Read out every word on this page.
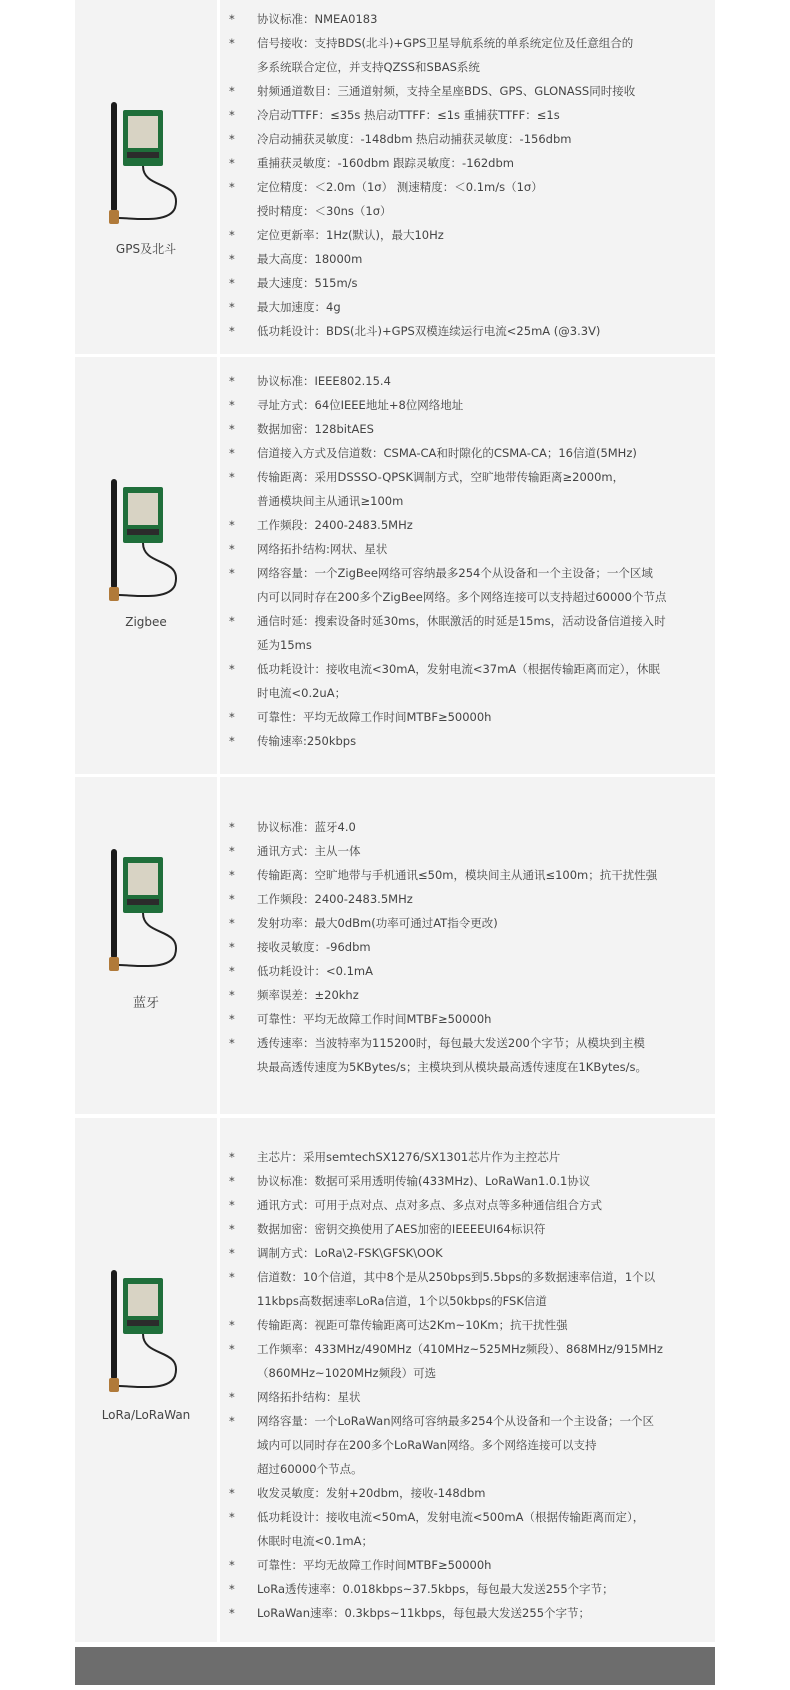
GPS及北斗
* 协议标准：NMEA0183
* 信号接收：支持BDS(北斗)+GPS卫星导航系统的单系统定位及任意组合的
多系统联合定位，并支持QZSS和SBAS系统
* 射频通道数目：三通道射频，支持全星座BDS、GPS、GLONASS同时接收
* 冷启动TTFF：≤35s 热启动TTFF：≤1s 重捕获TTFF：≤1s
* 冷启动捕获灵敏度：-148dbm 热启动捕获灵敏度：-156dbm
* 重捕获灵敏度：-160dbm 跟踪灵敏度：-162dbm
* 定位精度：＜2.0m（1σ） 测速精度：＜0.1m/s（1σ）
授时精度：＜30ns（1σ）
* 定位更新率：1Hz(默认)，最大10Hz
* 最大高度：18000m
* 最大速度：515m/s
* 最大加速度：4g
* 低功耗设计：BDS(北斗)+GPS双模连续运行电流<25mA (@3.3V)
Zigbee
* 协议标准：IEEE802.15.4
* 寻址方式：64位IEEE地址+8位网络地址
* 数据加密：128bitAES
* 信道接入方式及信道数：CSMA-CA和时隙化的CSMA-CA；16信道(5MHz)
* 传输距离：采用DSSSO-QPSK调制方式，空旷地带传输距离≥2000m，
普通模块间主从通讯≥100m
* 工作频段：2400-2483.5MHz
* 网络拓扑结构:网状、星状
* 网络容量：一个ZigBee网络可容纳最多254个从设备和一个主设备；一个区域
内可以同时存在200多个ZigBee网络。多个网络连接可以支持超过60000个节点
* 通信时延：搜索设备时延30ms，休眠激活的时延是15ms，活动设备信道接入时
延为15ms
* 低功耗设计：接收电流<30mA，发射电流<37mA（根据传输距离而定），休眠
时电流<0.2uA；
* 可靠性：平均无故障工作时间MTBF≥50000h
* 传输速率:250kbps
蓝牙
* 协议标准：蓝牙4.0
* 通讯方式：主从一体
* 传输距离：空旷地带与手机通讯≤50m，模块间主从通讯≤100m；抗干扰性强
* 工作频段：2400-2483.5MHz
* 发射功率：最大0dBm(功率可通过AT指令更改)
* 接收灵敏度：-96dbm
* 低功耗设计：<0.1mA
* 频率误差：±20khz
* 可靠性：平均无故障工作时间MTBF≥50000h
* 透传速率：当波特率为115200时，每包最大发送200个字节；从模块到主模
块最高透传速度为5KBytes/s；主模块到从模块最高透传速度在1KBytes/s。
LoRa/LoRaWan
* 主芯片：采用semtechSX1276/SX1301芯片作为主控芯片
* 协议标准：数据可采用透明传输(433MHz)、LoRaWan1.0.1协议
* 通讯方式：可用于点对点、点对多点、多点对点等多种通信组合方式
* 数据加密：密钥交换使用了AES加密的IEEEEUI64标识符
* 调制方式：LoRa\2-FSK\GFSK\OOK
* 信道数：10个信道，其中8个是从250bps到5.5bps的多数据速率信道，1个以
11kbps高数据速率LoRa信道，1个以50kbps的FSK信道
* 传输距离：视距可靠传输距离可达2Km~10Km；抗干扰性强
* 工作频率：433MHz/490MHz（410MHz~525MHz频段）、868MHz/915MHz
（860MHz~1020MHz频段）可选
* 网络拓扑结构：星状
* 网络容量：一个LoRaWan网络可容纳最多254个从设备和一个主设备；一个区
域内可以同时存在200多个LoRaWan网络。多个网络连接可以支持
超过60000个节点。
* 收发灵敏度：发射+20dbm，接收-148dbm
* 低功耗设计：接收电流<50mA，发射电流<500mA（根据传输距离而定），
休眠时电流<0.1mA；
* 可靠性：平均无故障工作时间MTBF≥50000h
* LoRa透传速率：0.018kbps~37.5kbps，每包最大发送255个字节；
* LoRaWan速率：0.3kbps~11kbps，每包最大发送255个字节；
